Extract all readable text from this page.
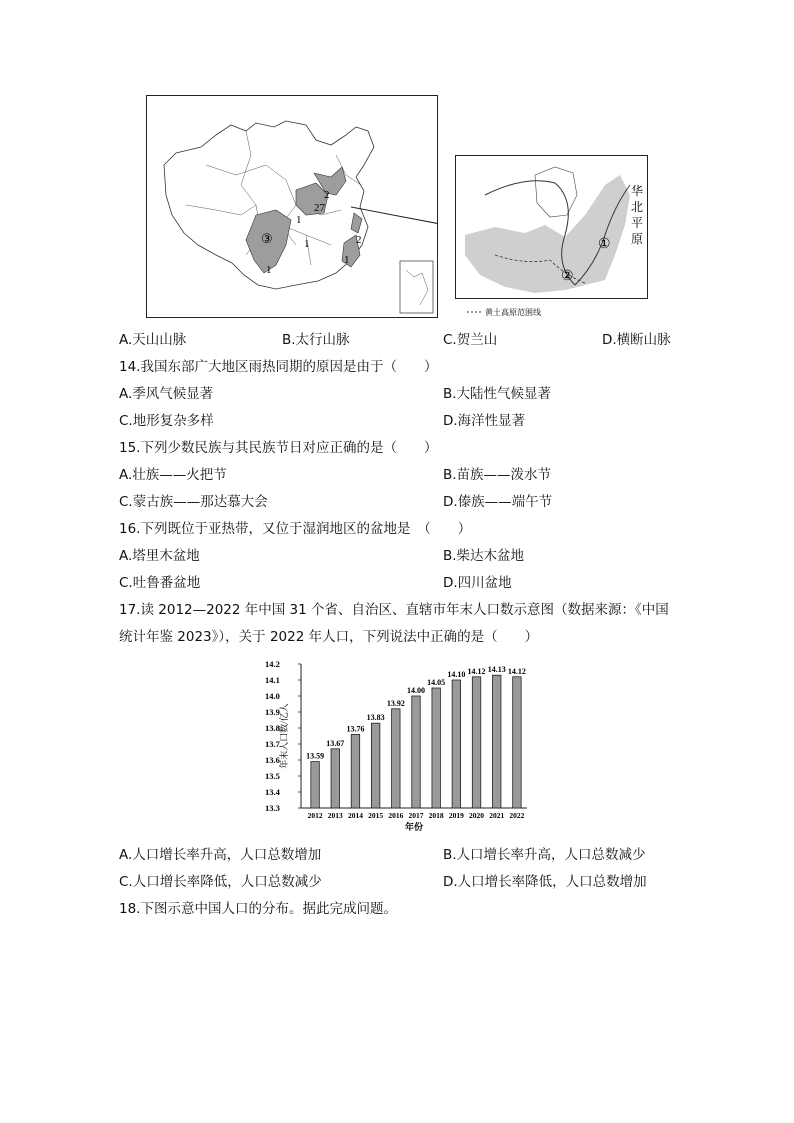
③
1
1
1
1
2
2
27
华
北
平
原
①
②
黄土高原范围线
A.天山山脉	B.太行山脉	C.贺兰山	D.横断山脉
14.我国东部广大地区雨热同期的原因是由于（　　）
A.季风气候显著	B.大陆性气候显著
C.地形复杂多样	D.海洋性显著
15.下列少数民族与其民族节日对应正确的是（　　）
A.壮族——火把节	B.苗族——泼水节
C.蒙古族——那达慕大会	D.傣族——端午节
16.下列既位于亚热带，又位于湿润地区的盆地是　（　　）
A.塔里木盆地	B.柴达木盆地
C.吐鲁番盆地	D.四川盆地
17.读 2012—2022 年中国 31 个省、自治区、直辖市年末人口数示意图（数据来源：《中国
统计年鉴 2023》），关于 2022 年人口，下列说法中正确的是（　　）
13.3
13.4
13.5
13.6
13.7
13.8
13.9
14.0
14.1
14.2
13.59
2012
13.67
2013
13.76
2014
13.83
2015
13.92
2016
14.00
2017
14.05
2018
14.10
2019
14.12
2020
14.13
2021
14.12
2022
年份
年末人口数/亿人
A.人口增长率升高，人口总数增加	B.人口增长率升高，人口总数减少
C.人口增长率降低，人口总数减少	D.人口增长率降低，人口总数增加
18.下图示意中国人口的分布。据此完成问题。
